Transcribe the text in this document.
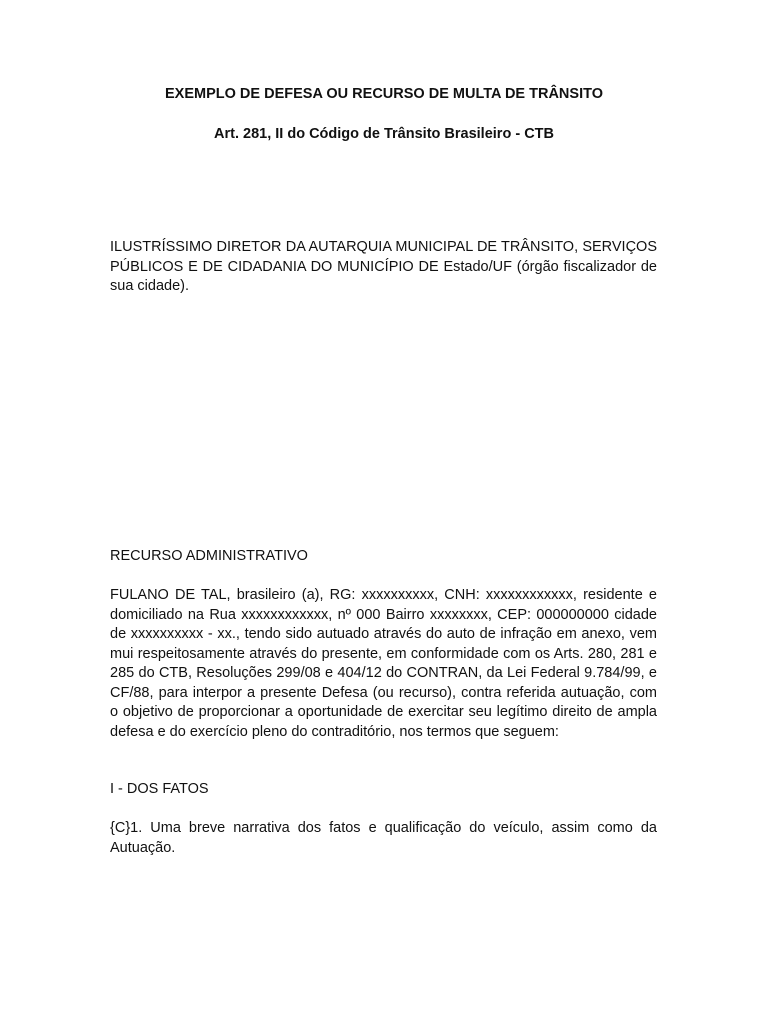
EXEMPLO DE DEFESA OU RECURSO DE MULTA DE TRÂNSITO

Art. 281, II do Código de Trânsito Brasileiro - CTB

ILUSTRÍSSIMO DIRETOR DA AUTARQUIA MUNICIPAL DE TRÂNSITO, SERVIÇOS PÚBLICOS E DE CIDADANIA DO MUNICÍPIO DE Estado/UF (órgão fiscalizador de sua cidade).

RECURSO ADMINISTRATIVO

FULANO DE TAL, brasileiro (a), RG: xxxxxxxxxx, CNH: xxxxxxxxxxxx, residente e domiciliado na Rua xxxxxxxxxxxx, nº 000 Bairro xxxxxxxx, CEP: 000000000 cidade de xxxxxxxxxx - xx., tendo sido autuado através do auto de infração em anexo, vem mui respeitosamente através do presente, em conformidade com os Arts. 280, 281 e 285 do CTB, Resoluções 299/08 e 404/12 do CONTRAN, da Lei Federal 9.784/99, e CF/88, para interpor a presente Defesa (ou recurso), contra referida autuação, com o objetivo de proporcionar a oportunidade de exercitar seu legítimo direito de ampla defesa e do exercício pleno do contraditório, nos termos que seguem:

I - DOS FATOS

{C}1. Uma breve narrativa dos fatos e qualificação do veículo, assim como da Autuação.
